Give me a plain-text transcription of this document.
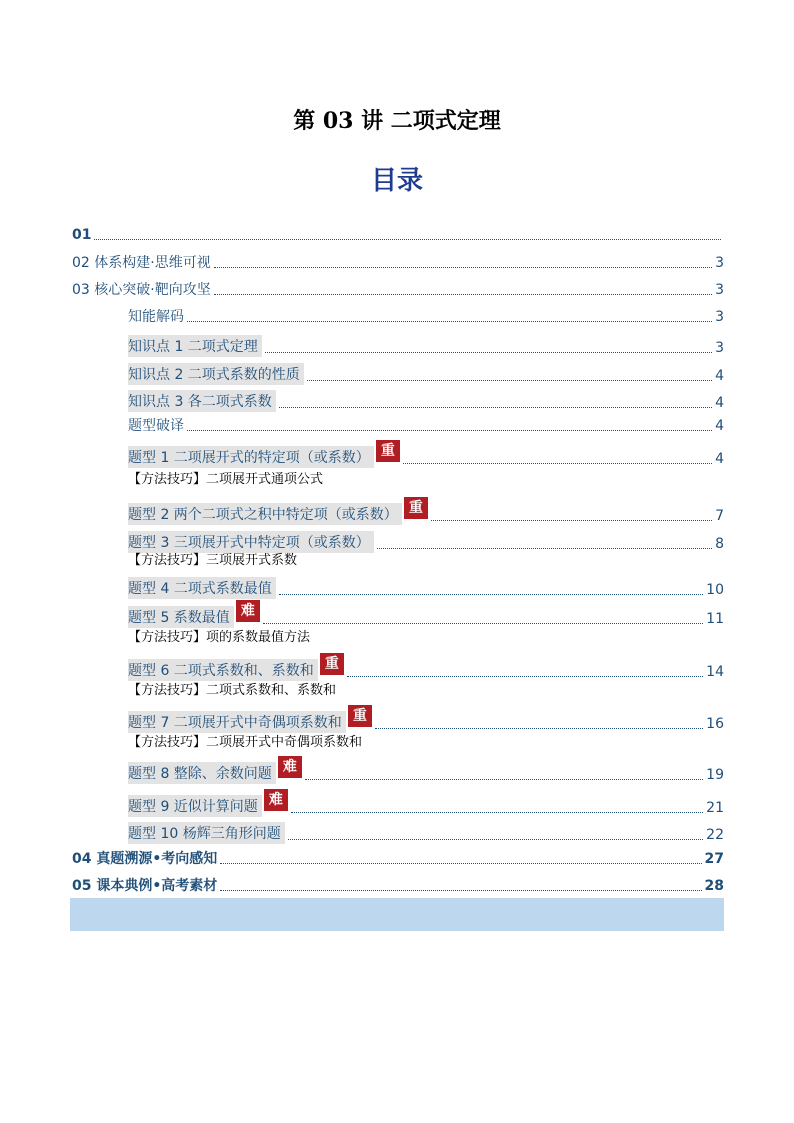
第 03 讲 二项式定理
目录
01
02 体系构建·思维可视	3
03 核心突破·靶向攻坚	3
知能解码	3
知识点 1 二项式定理	3
知识点 2 二项式系数的性质	4
知识点 3 各二项式系数	4
题型破译	4
题型 1 二项展开式的特定项（或系数） 重	4
题型 2 两个二项式之积中特定项（或系数） 重	7
题型 3 三项展开式中特定项（或系数）	8
题型 4 二项式系数最值	10
题型 5 系数最值 难	11
题型 6 二项式系数和、系数和 重	14
题型 7 二项展开式中奇偶项系数和 重	16
题型 8 整除、余数问题 难	19
题型 9 近似计算问题 难	21
题型 10 杨辉三角形问题	22
04 真题溯源•考向感知	27
05 课本典例•高考素材	28
【方法技巧】二项展开式通项公式
【方法技巧】三项展开式系数
【方法技巧】项的系数最值方法
【方法技巧】二项式系数和、系数和
【方法技巧】二项展开式中奇偶项系数和
